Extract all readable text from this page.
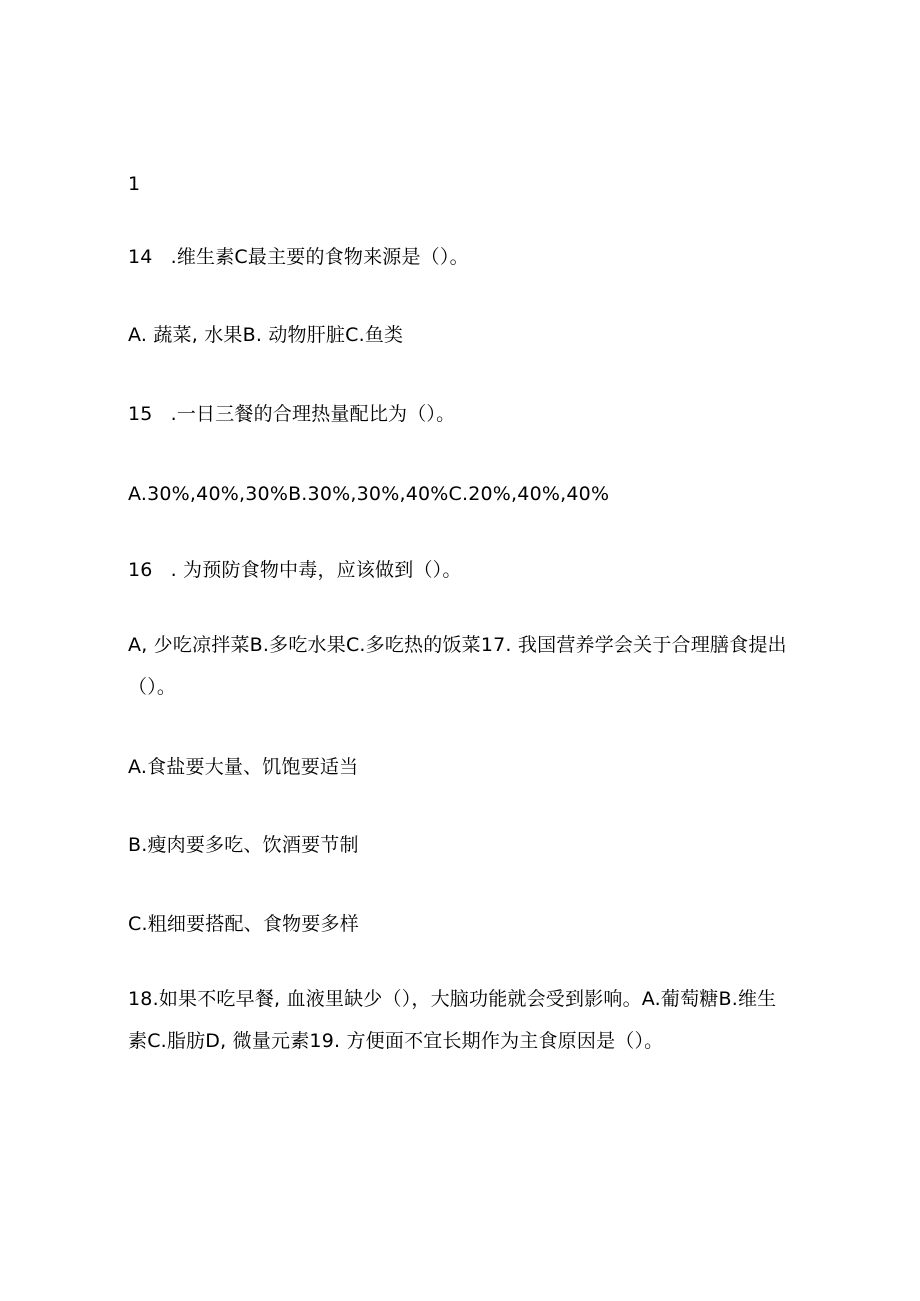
1
14 .维生素C最主要的食物来源是（）。
A. 蔬菜, 水果B. 动物肝脏C.鱼类
15 .一日三餐的合理热量配比为（）。
A.30%,40%,30%B.30%,30%,40%C.20%,40%,40%
16 . 为预防食物中毒，应该做到（）。
A, 少吃凉拌菜B.多吃水果C.多吃热的饭菜17. 我国营养学会关于合理膳食提出（）。
A.食盐要大量、饥饱要适当
B.瘦肉要多吃、饮酒要节制
C.粗细要搭配、食物要多样
18.如果不吃早餐, 血液里缺少（），大脑功能就会受到影响。A.葡萄糖B.维生素C.脂肪D, 微量元素19. 方便面不宜长期作为主食原因是（）。
